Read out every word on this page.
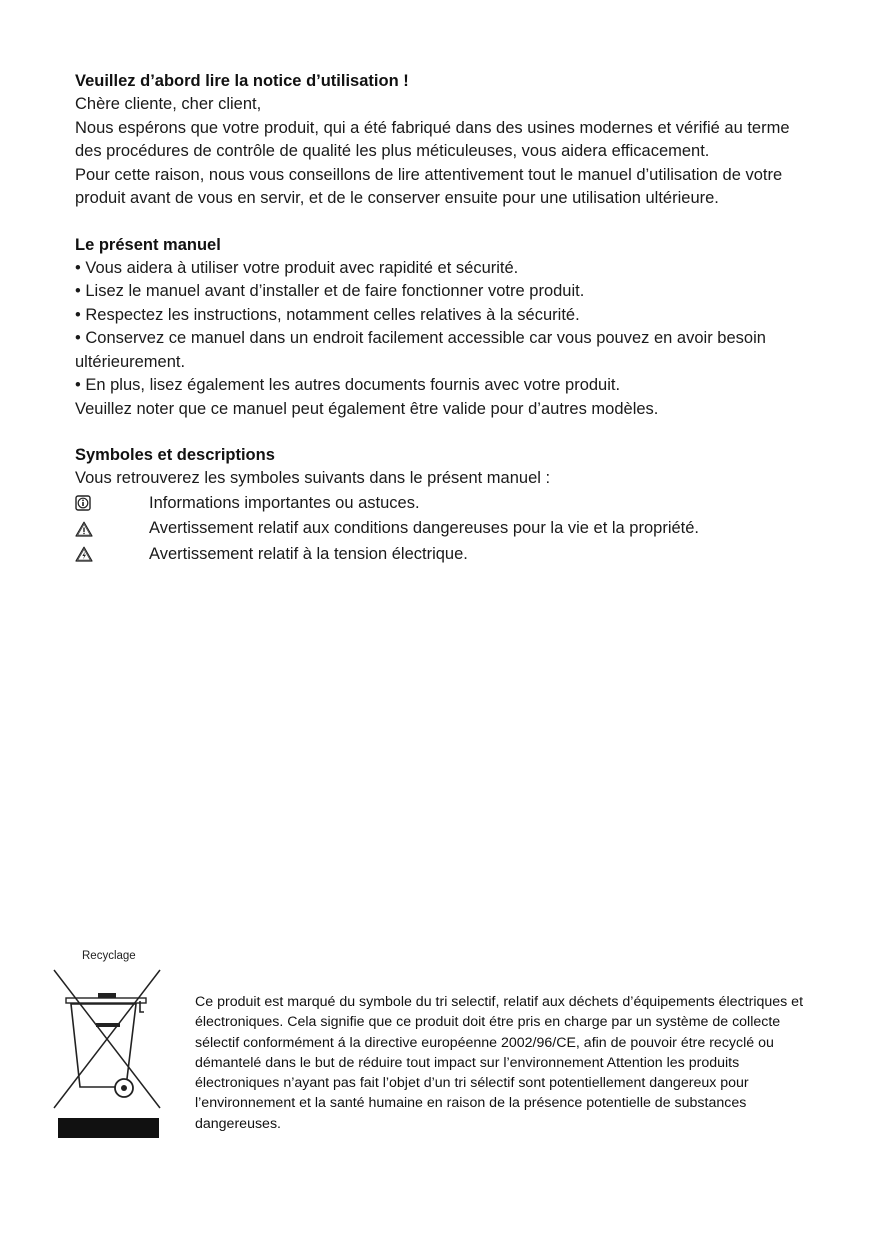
Veuillez d’abord lire la notice d’utilisation !

Chère cliente, cher client,

Nous espérons que votre produit, qui a été fabriqué dans des usines modernes et vérifié au terme des procédures de contrôle de qualité les plus méticuleuses, vous aidera efficacement.

Pour cette raison, nous vous conseillons de lire attentivement tout le manuel d’utilisation de votre produit avant de vous en servir, et de le conserver ensuite pour une utilisation ultérieure.

Le présent manuel

• Vous aidera à utiliser votre produit avec rapidité et sécurité.

• Lisez le manuel avant d’installer et de faire fonctionner votre produit.

• Respectez les instructions, notamment celles relatives à la sécurité.

• Conservez ce manuel dans un endroit facilement accessible car vous pouvez en avoir besoin ultérieurement.

• En plus, lisez également les autres documents fournis avec votre produit.

Veuillez noter que ce manuel peut également être valide pour d’autres modèles.

Symboles et descriptions

Vous retrouverez les symboles suivants dans le présent manuel :

Informations importantes ou astuces.
Avertissement relatif aux conditions dangereuses pour la vie et la propriété.
Avertissement relatif à la tension électrique.
Recyclage

Ce produit est marqué du symbole du tri selectif, relatif aux déchets d’équipements électriques et électroniques. Cela signifie que ce produit doit étre pris en charge par un système de collecte sélectif conformément á la directive européenne 2002/96/CE, afin de pouvoir étre recyclé ou démantelé dans le but de réduire tout impact sur l’environnement Attention les produits électroniques n’ayant pas fait l’objet d’un tri sélectif sont potentiellement dangereux pour l’environnement et la santé humaine en raison de la présence potentielle de substances dangereuses.
